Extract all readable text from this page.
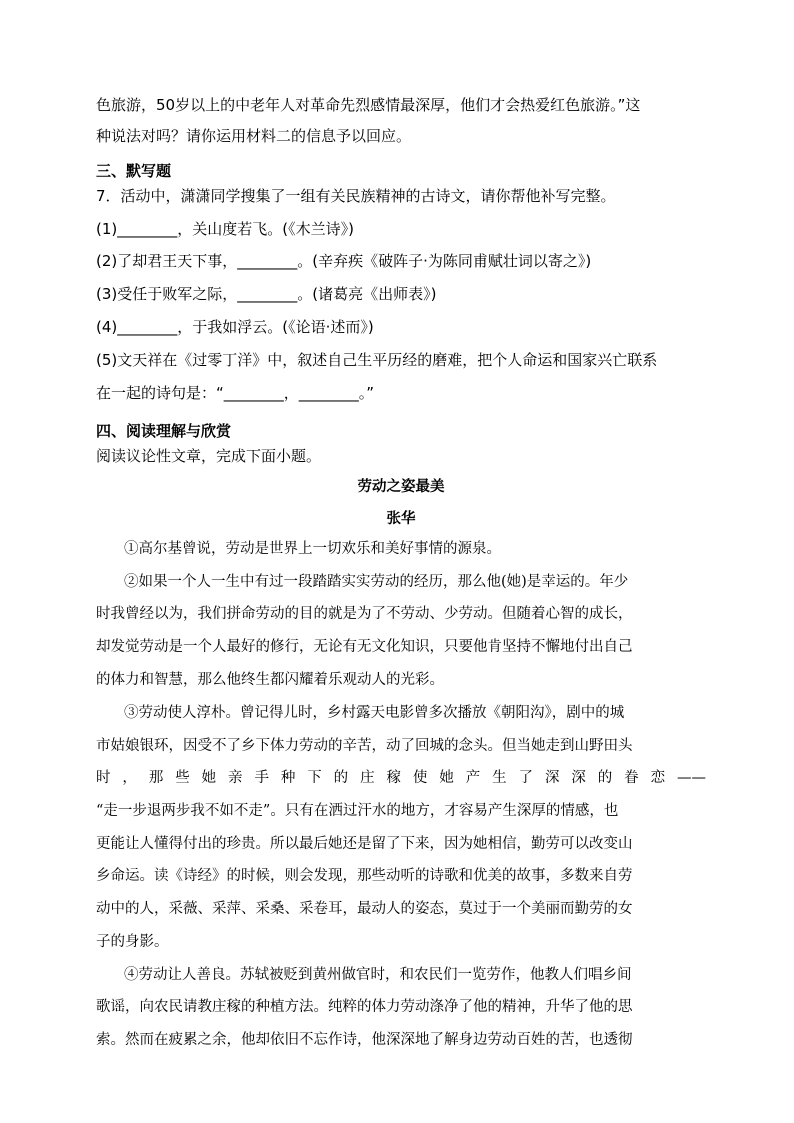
色旅游，50岁以上的中老年人对革命先烈感情最深厚，他们才会热爱红色旅游。”这
种说法对吗？请你运用材料二的信息予以回应。
三、默写题
7．活动中，潇潇同学搜集了一组有关民族精神的古诗文，请你帮他补写完整。
(1)________，关山度若飞。(《木兰诗》)
(2)了却君王天下事，________。(辛弃疾《破阵子·为陈同甫赋壮词以寄之》)
(3)受任于败军之际，________。(诸葛亮《出师表》)
(4)________，于我如浮云。(《论语·述而》)
(5)文天祥在《过零丁洋》中，叙述自己生平历经的磨难，把个人命运和国家兴亡联系
在一起的诗句是：“________，________。”
四、阅读理解与欣赏
阅读议论性文章，完成下面小题。
劳动之姿最美
张华
①高尔基曾说，劳动是世界上一切欢乐和美好事情的源泉。
②如果一个人一生中有过一段踏踏实实劳动的经历，那么他(她)是幸运的。年少
时我曾经以为，我们拼命劳动的目的就是为了不劳动、少劳动。但随着心智的成长，
却发觉劳动是一个人最好的修行，无论有无文化知识，只要他肯坚持不懈地付出自己
的体力和智慧，那么他终生都闪耀着乐观动人的光彩。
③劳动使人淳朴。曾记得儿时，乡村露天电影曾多次播放《朝阳沟》，剧中的城
市姑娘银环，因受不了乡下体力劳动的辛苦，动了回城的念头。但当她走到山野田头
时，那些她亲手种下的庄稼使她产生了深深的眷恋——
“走一步退两步我不如不走”。只有在洒过汗水的地方，才容易产生深厚的情感，也
更能让人懂得付出的珍贵。所以最后她还是留了下来，因为她相信，勤劳可以改变山
乡命运。读《诗经》的时候，则会发现，那些动听的诗歌和优美的故事，多数来自劳
动中的人，采薇、采萍、采桑、采卷耳，最动人的姿态，莫过于一个美丽而勤劳的女
子的身影。
④劳动让人善良。苏轼被贬到黄州做官时，和农民们一览劳作，他教人们唱乡间
歌谣，向农民请教庄稼的种植方法。纯粹的体力劳动涤净了他的精神，升华了他的思
索。然而在疲累之余，他却依旧不忘作诗，他深深地了解身边劳动百姓的苦，也透彻
